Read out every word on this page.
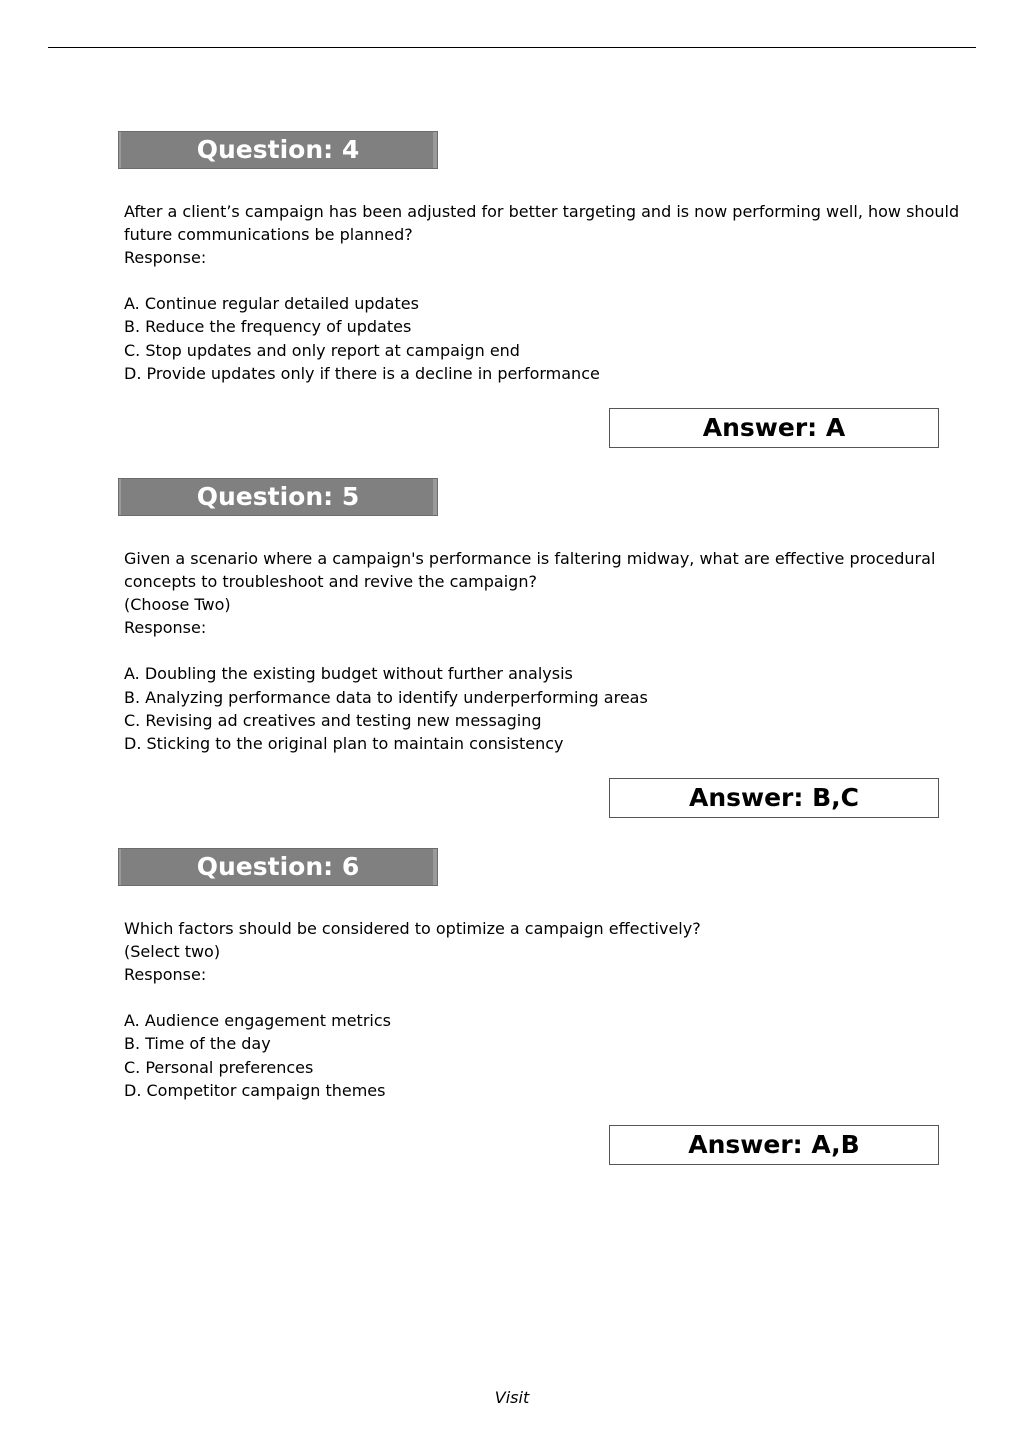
Question: 4
After a client’s campaign has been adjusted for better targeting and is now performing well, how should
future communications be planned?
Response:
A. Continue regular detailed updates
B. Reduce the frequency of updates
C. Stop updates and only report at campaign end
D. Provide updates only if there is a decline in performance
Answer: A
Question: 5
Given a scenario where a campaign's performance is faltering midway, what are effective procedural
concepts to troubleshoot and revive the campaign?
(Choose Two)
Response:
A. Doubling the existing budget without further analysis
B. Analyzing performance data to identify underperforming areas
C. Revising ad creatives and testing new messaging
D. Sticking to the original plan to maintain consistency
Answer: B,C
Question: 6
Which factors should be considered to optimize a campaign effectively?
(Select two)
Response:
A. Audience engagement metrics
B. Time of the day
C. Personal preferences
D. Competitor campaign themes
Answer: A,B
Visit
